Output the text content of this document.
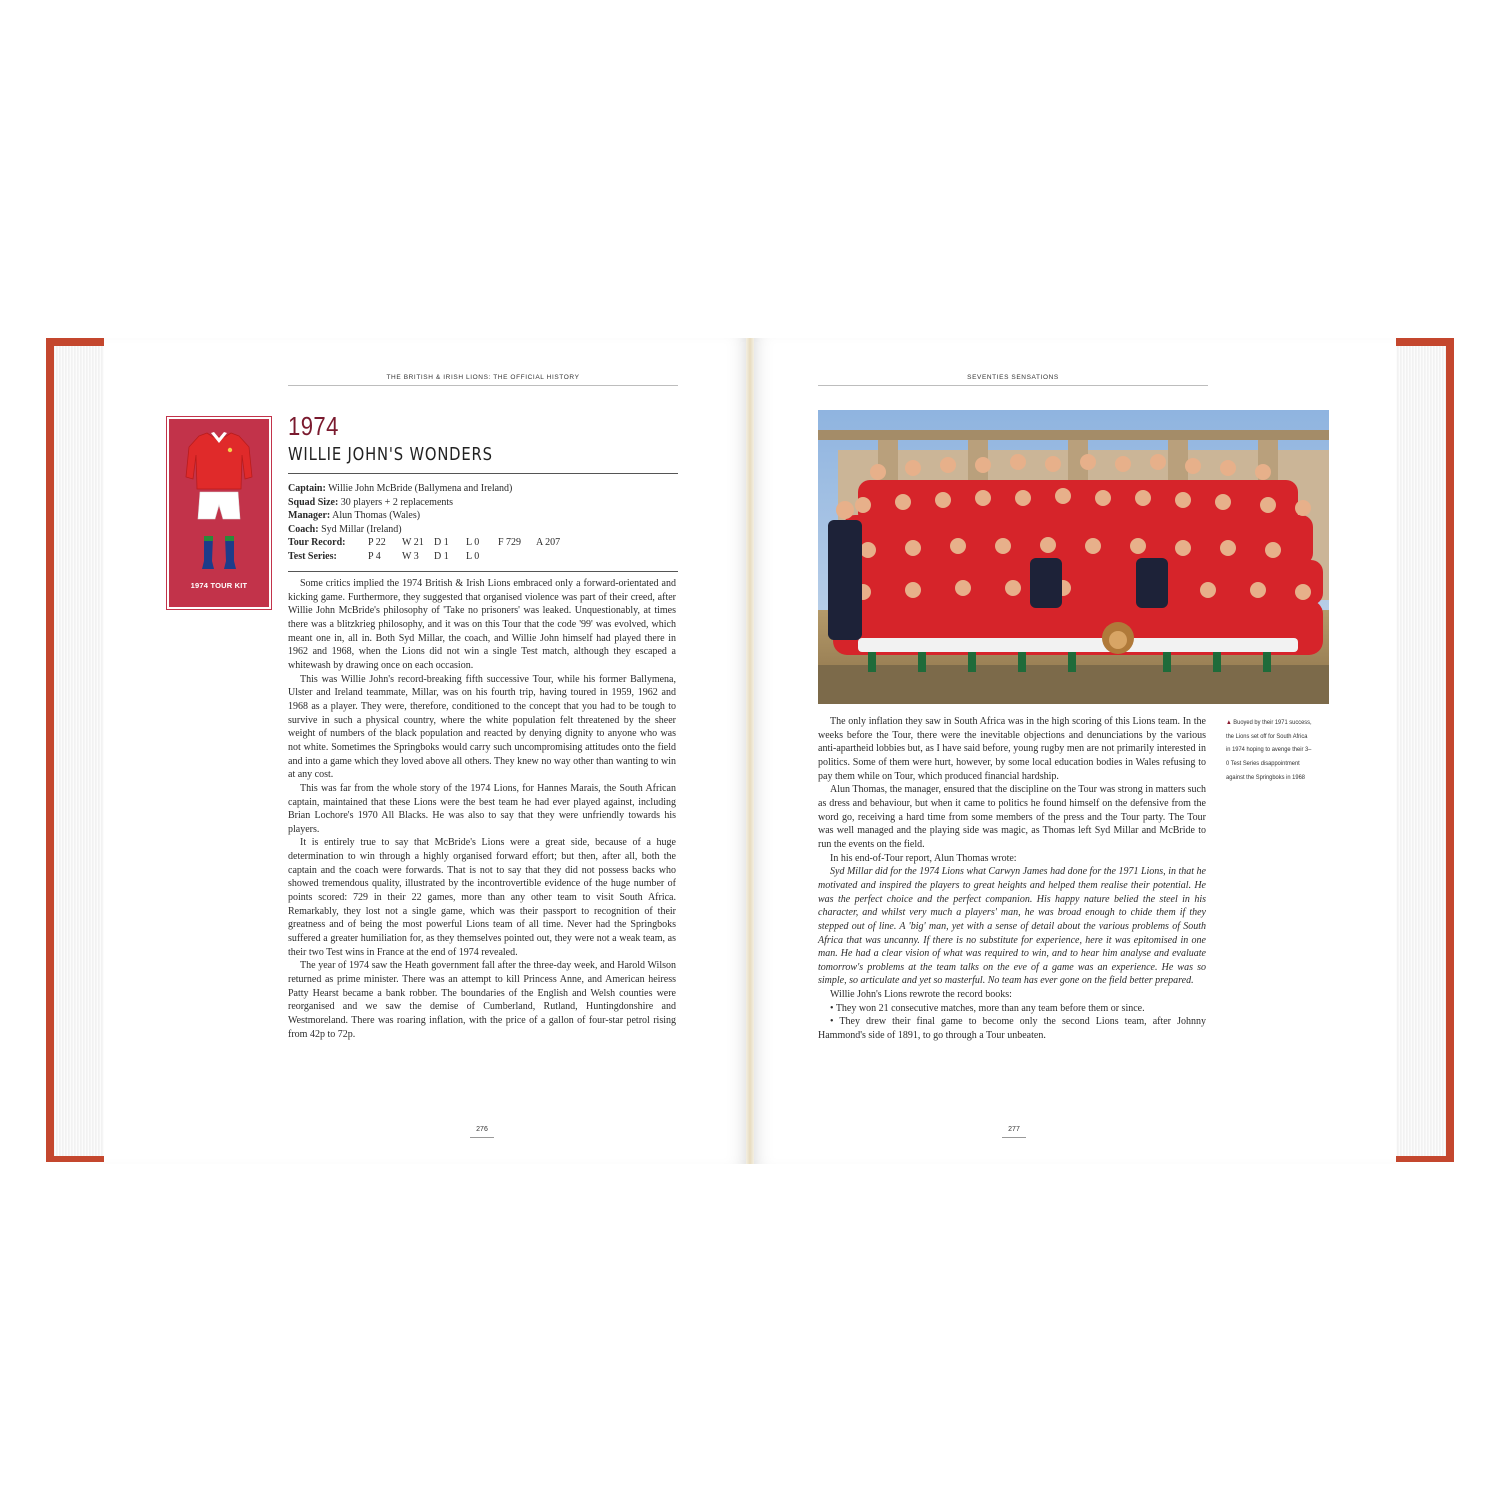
THE BRITISH & IRISH LIONS: THE OFFICIAL HISTORY
1974 TOUR KIT
1974
WILLIE JOHN'S WONDERS
Captain: Willie John McBride (Ballymena and Ireland)
Squad Size: 30 players + 2 replacements
Manager: Alun Thomas (Wales)
Coach: Syd Millar (Ireland)
Tour Record: P 22 W 21 D 1 L 0 F 729 A 207
Test Series:	P 4 W 3 D 1 L 0

Some critics implied the 1974 British & Irish Lions embraced only a forward-orientated and kicking game. Furthermore, they suggested that organised violence was part of their creed, after Willie John McBride's philosophy of 'Take no prisoners' was leaked. Unquestionably, at times there was a blitzkrieg philosophy, and it was on this Tour that the code '99' was evolved, which meant one in, all in. Both Syd Millar, the coach, and Willie John himself had played there in 1962 and 1968, when the Lions did not win a single Test match, although they escaped a whitewash by drawing once on each occasion.

This was Willie John's record-breaking fifth successive Tour, while his former Ballymena, Ulster and Ireland teammate, Millar, was on his fourth trip, having toured in 1959, 1962 and 1968 as a player. They were, therefore, conditioned to the concept that you had to be tough to survive in such a physical country, where the white population felt threatened by the sheer weight of numbers of the black population and reacted by denying dignity to anyone who was not white. Sometimes the Springboks would carry such uncompromising attitudes onto the field and into a game which they loved above all others. They knew no way other than wanting to win at any cost.

This was far from the whole story of the 1974 Lions, for Hannes Marais, the South African captain, maintained that these Lions were the best team he had ever played against, including Brian Lochore's 1970 All Blacks. He was also to say that they were unfriendly towards his players.

It is entirely true to say that McBride's Lions were a great side, because of a huge determination to win through a highly organised forward effort; but then, after all, both the captain and the coach were forwards. That is not to say that they did not possess backs who showed tremendous quality, illustrated by the incontrovertible evidence of the huge number of points scored: 729 in their 22 games, more than any other team to visit South Africa. Remarkably, they lost not a single game, which was their passport to recognition of their greatness and of being the most powerful Lions team of all time. Never had the Springboks suffered a greater humiliation for, as they themselves pointed out, they were not a weak team, as their two Test wins in France at the end of 1974 revealed.

The year of 1974 saw the Heath government fall after the three-day week, and Harold Wilson returned as prime minister. There was an attempt to kill Princess Anne, and American heiress Patty Hearst became a bank robber. The boundaries of the English and Welsh counties were reorganised and we saw the demise of Cumberland, Rutland, Huntingdonshire and Westmoreland. There was roaring inflation, with the price of a gallon of four-star petrol rising from 42p to 72p.

276
SEVENTIES SENSATIONS

The only inflation they saw in South Africa was in the high scoring of this Lions team. In the weeks before the Tour, there were the inevitable objections and denunciations by the various anti-apartheid lobbies but, as I have said before, young rugby men are not primarily interested in politics. Some of them were hurt, however, by some local education bodies in Wales refusing to pay them while on Tour, which produced financial hardship.

Alun Thomas, the manager, ensured that the discipline on the Tour was strong in matters such as dress and behaviour, but when it came to politics he found himself on the defensive from the word go, receiving a hard time from some members of the press and the Tour party. The Tour was well managed and the playing side was magic, as Thomas left Syd Millar and McBride to run the events on the field.

In his end-of-Tour report, Alun Thomas wrote:

Syd Millar did for the 1974 Lions what Carwyn James had done for the 1971 Lions, in that he motivated and inspired the players to great heights and helped them realise their potential. He was the perfect choice and the perfect companion. His happy nature belied the steel in his character, and whilst very much a players' man, he was broad enough to chide them if they stepped out of line. A 'big' man, yet with a sense of detail about the various problems of South Africa that was uncanny. If there is no substitute for experience, here it was epitomised in one man. He had a clear vision of what was required to win, and to hear him analyse and evaluate tomorrow's problems at the team talks on the eve of a game was an experience. He was so simple, so articulate and yet so masterful. No team has ever gone on the field better prepared.

Willie John's Lions rewrote the record books:

• They won 21 consecutive matches, more than any team before them or since.

• They drew their final game to become only the second Lions team, after Johnny Hammond's side of 1891, to go through a Tour unbeaten.

▲ Buoyed by their 1971 success, the Lions set off for South Africa in 1974 hoping to avenge their 3–0 Test Series disappointment against the Springboks in 1968
277
